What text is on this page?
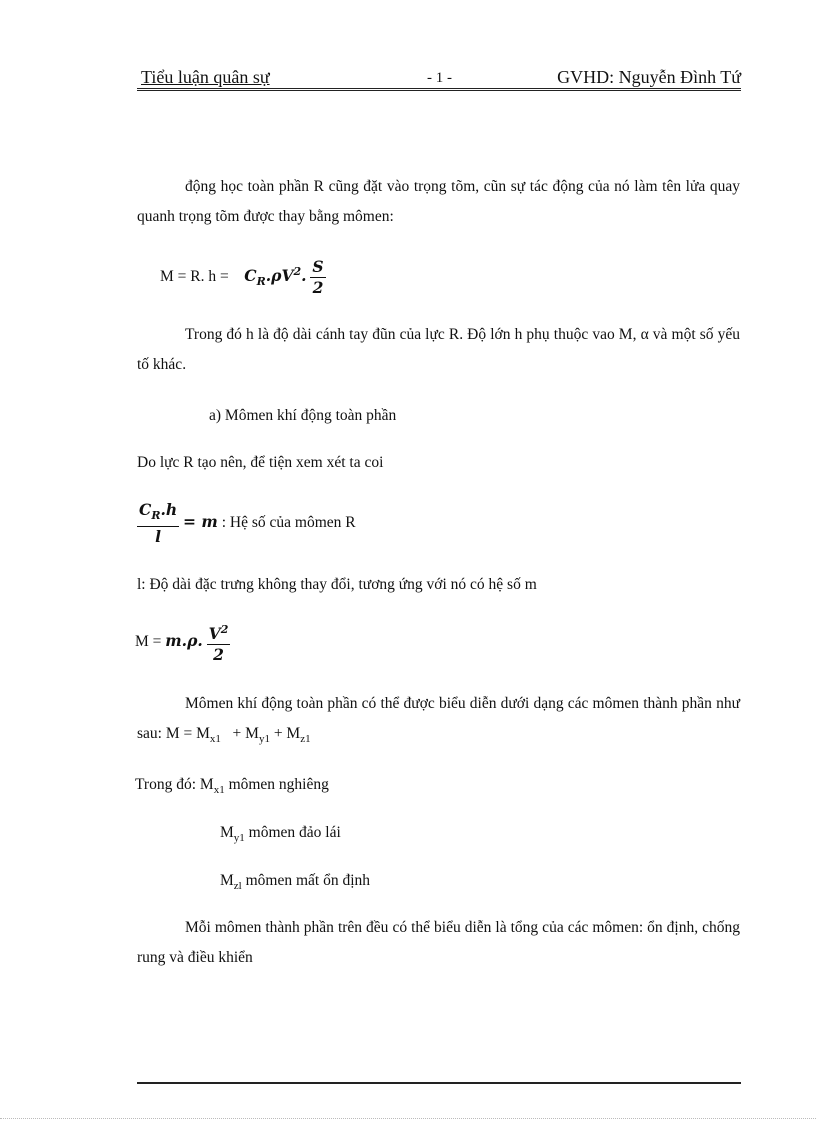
Tiểu luận quân sự	- 1 -	GVHD: Nguyễn Đình Tứ
động học toàn phần R cũng đặt vào trọng tõm, cũn sự tác động của nó làm tên lửa quay quanh trọng tõm được thay bằng mômen:
M = R. $h = C_R.\rho V^2$. $\frac{S}{2}$
Trong đó h là độ dài cánh tay đũn của lực R. Độ lớn h phụ thuộc vao M, α và một số yếu tố khác.
a) Mômen khí động toàn phần
Do lực R tạo nên, để tiện xem xét ta coi
$\frac{C_R.h}{l} = m$ : Hệ số của mômen R
l: Độ dài đặc trưng không thay đổi, tương ứng với nó có hệ số m
M = m.ρ. $\frac{V^2}{2}$
Mômen khí động toàn phần có thể được biểu diễn dưới dạng các mômen thành phần như sau: $M = M_{x1} + M_{y1} + M_{z1}$
Trong đó: $M_{x1}$ mômen nghiêng
$M_{y1}$ mômen đảo lái
$M_{zl}$ mômen mất ổn định
Mỗi mômen thành phần trên đều có thể biểu diễn là tổng của các mômen: ổn định, chống rung và điều khiển
